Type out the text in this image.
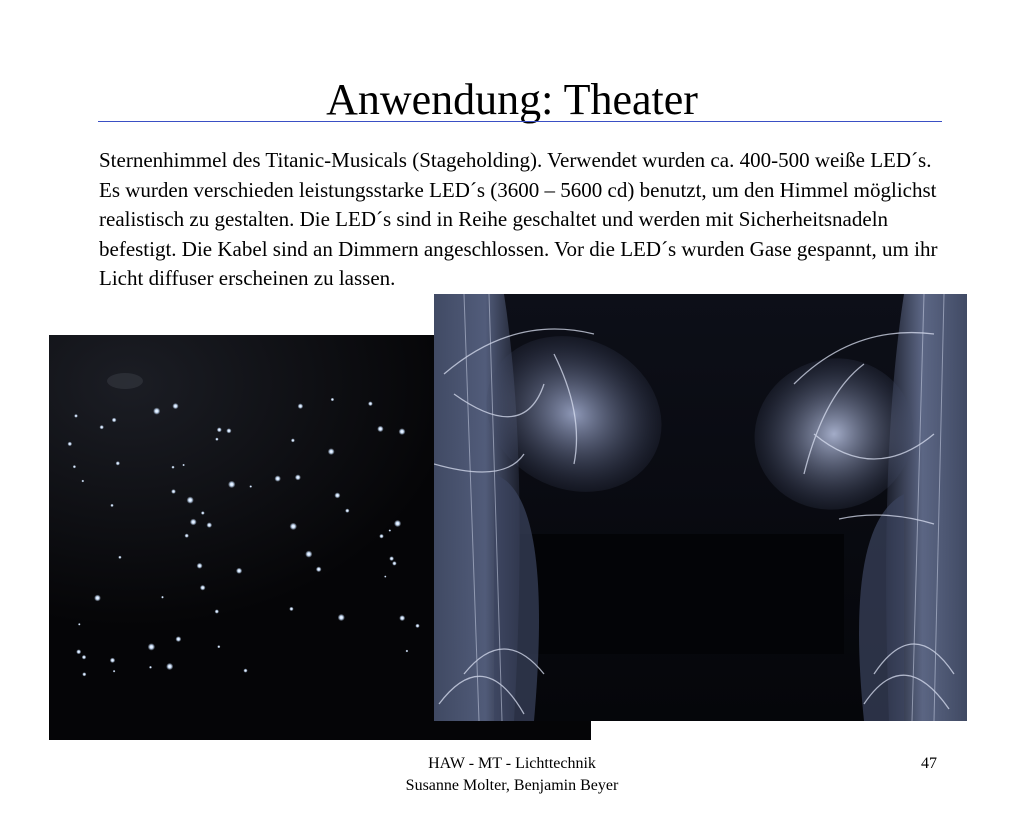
Anwendung: Theater

Sternenhimmel des Titanic-Musicals (Stageholding). Verwendet wurden ca. 400-500 weiße LED´s. Es wurden verschieden leistungsstarke LED´s (3600 – 5600 cd) benutzt, um den Himmel möglichst realistisch zu gestalten. Die LED´s sind in Reihe geschaltet und werden mit Sicherheitsnadeln befestigt. Die Kabel sind an Dimmern angeschlossen. Vor die LED´s wurden Gase gespannt, um ihr Licht diffuser erscheinen zu lassen.

HAW - MT - Lichttechnik
Susanne Molter, Benjamin Beyer
47
